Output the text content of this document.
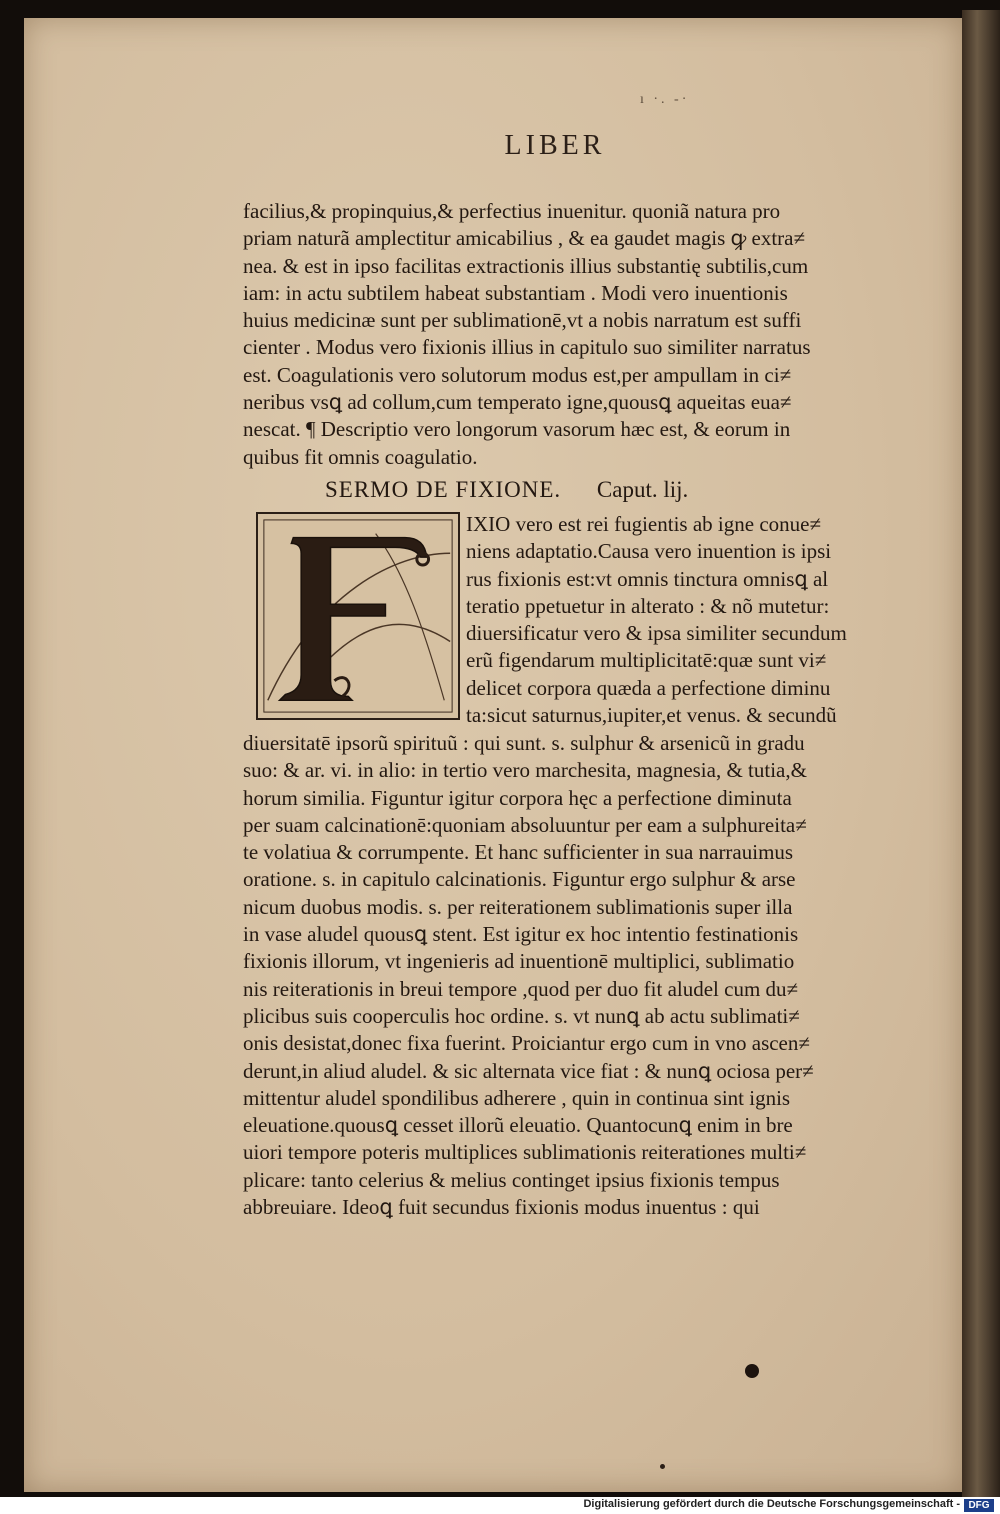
ı ·. ‑·
LIBER
facilius,& propinquius,& perfectius inuenitur. quoniã natura pro
priam naturã amplectitur amicabilius , & ea gaudet magis ꝙ extra≠
nea. & est in ipso facilitas extractionis illius substantię subtilis,cum
iam: in actu subtilem habeat substantiam . Modi vero inuentionis
huius medicinæ sunt per sublimationē,vt a nobis narratum est suffi
cienter . Modus vero fixionis illius in capitulo suo similiter narratus
est. Coagulationis vero solutorum modus est,per ampullam in ci≠
neribus vsꝗ ad collum,cum temperato igne,quousꝗ aqueitas eua≠
nescat. ¶ Descriptio vero longorum vasorum hæc est, & eorum in
quibus fit omnis coagulatio.
SERMO DE FIXIONE. Caput. lij.
IXIO vero est rei fugientis ab igne conue≠
niens adaptatio.Causa vero inuention is ipsi
rus fixionis est:vt omnis tinctura omnisꝗ al
teratio ppetuetur in alterato : & nõ mutetur:
diuersificatur vero & ipsa similiter secundum
erũ figendarum multiplicitatē:quæ sunt vi≠
delicet corpora quæda a perfectione diminu
ta:sicut saturnus,iupiter,et venus. & secundũ
diuersitatē ipsorũ spirituũ : qui sunt. s. sulphur & arsenicũ in gradu
suo: & ar. vi. in alio: in tertio vero marchesita, magnesia, & tutia,&
horum similia. Figuntur igitur corpora hęc a perfectione diminuta
per suam calcinationē:quoniam absoluuntur per eam a sulphureita≠
te volatiua & corrumpente. Et hanc sufficienter in sua narrauimus
oratione. s. in capitulo calcinationis. Figuntur ergo sulphur & arse
nicum duobus modis. s. per reiterationem sublimationis super illa
in vase aludel quousꝗ stent. Est igitur ex hoc intentio festinationis
fixionis illorum, vt ingenieris ad inuentionē multiplici, sublimatio
nis reiterationis in breui tempore ,quod per duo fit aludel cum du≠
plicibus suis cooperculis hoc ordine. s. vt nunꝗ ab actu sublimati≠
onis desistat,donec fixa fuerint. Proiciantur ergo cum in vno ascen≠
derunt,in aliud aludel. & sic alternata vice fiat : & nunꝗ ociosa per≠
mittentur aludel spondilibus adherere , quin in continua sint ignis
eleuatione.quousꝗ cesset illorũ eleuatio. Quantocunꝗ enim in bre
uiori tempore poteris multiplices sublimationis reiterationes multi≠
plicare: tanto celerius & melius continget ipsius fixionis tempus
abbreuiare. Ideoꝗ fuit secundus fixionis modus inuentus : qui
Digitalisierung gefördert durch die Deutsche Forschungsgemeinschaft - DFG
